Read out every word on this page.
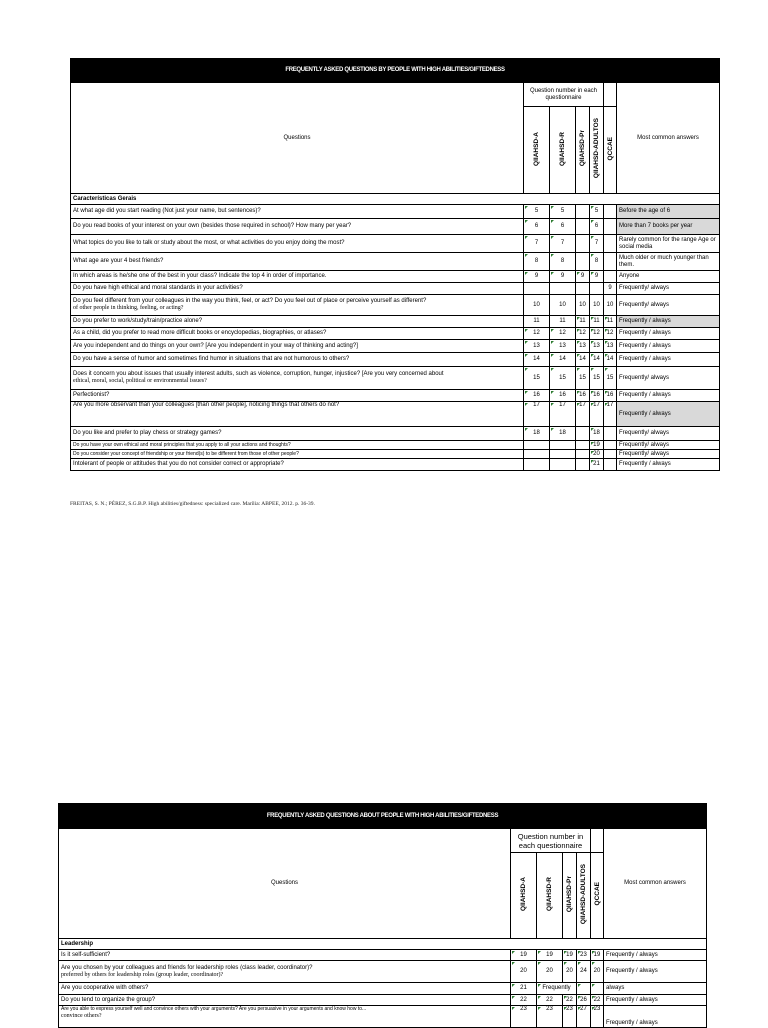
FREQUENTLY ASKED QUESTIONS BY PEOPLE WITH HIGH ABILITIES/GIFTEDNESS						
Questions	Question number in each questionnaire					Most common answers

	QIIAHSD-A	QIIAHSD-R	QIIAHSD-Pr	QIIAHSD-ADULTOS	QCCAE	

Características Gerais						
At what age did you start reading (Not just your name, but sentences)?	5	5		5		Before the age of 6
Do you read books of your interest on your own (besides those required in school)? How many per year?	6	6		6		More than 7 books per year
What topics do you like to talk or study about the most, or what activities do you enjoy doing the most?	7	7		7		Rarely common for the range Age or social media
What age are your 4 best friends?	8	8		8		Much older or much younger than them.
In which areas is he/she one of the best in your class? Indicate the top 4 in order of importance.	9	9	9	9		Anyone
Do you have high ethical and moral standards in your activities?					9	Frequently/ always

Do you feel different from your colleagues in the way you think, feel, or act? Do you feel out of place or perceive yourself as different?
of other people in thinking, feeling, or acting?	10	10	10	10	10	Frequently/ always
Do you prefer to work/study/train/practice alone?	11	11	11	11	11	Frequently / always
As a child, did you prefer to read more difficult books or encyclopedias, biographies, or atlases?	12	12	12	12	12	Frequently / always
Are you independent and do things on your own? [Are you independent in your way of thinking and acting?]	13	13	13	13	13	Frequently / always
Do you have a sense of humor and sometimes find humor in situations that are not humorous to others?	14	14	14	14	14	Frequently / always

Does it concern you about issues that usually interest adults, such as violence, corruption, hunger, injustice? [Are you very concerned about
ethical, moral, social, political or environmental issues?	15	15	15	15	15	Frequently/ always
Perfectionist?	16	16	16	16	16	Frequently / always
Are you more observant than your colleagues [than other people], noticing things that others do not?	17	17	17	17	17	Frequently / always
Do you like and prefer to play chess or strategy games?	18	18		18		Frequently/ always
Do you have your own ethical and moral principles that you apply to all your actions and thoughts?				19		Frequently/ always
Do you consider your concept of friendship or your friend(s) to be different from those of other people?				20		Frequently/ always
Intolerant of people or attitudes that you do not consider correct or appropriate?				21		Frequently / always
FREITAS, S. N.; PÉREZ, S.G.B.P. High abilities/giftedness: specialized care. Marília: ABPEE, 2012. p. 36-39.
FREQUENTLY ASKED QUESTIONS ABOUT PEOPLE WITH HIGH ABILITIES/GIFTEDNESS						
Questions	Question number in each questionnaire					Most common answers

	QIIAHSD-A	QIIAHSD-R	QIIAHSD-Pr	QIIAHSD-ADULTOS	QCCAE	

Leadership						
Is it self-sufficient?	19	19	19	23	19	Frequently / always

Are you chosen by your colleagues and friends for leadership roles (class leader, coordinator)?
preferred by others for leadership roles (group leader, coordinator)?	20	20	20	24	20	Frequently / always
Are you cooperative with others?	21	Frequently				always
Do you tend to organize the group?	22	22	22	26	22	Frequently / always

Are you able to express yourself well and convince others with your arguments? Are you persuasive in your arguments and know how to...
convince others?	23	23	23	27	23	Frequently / always
